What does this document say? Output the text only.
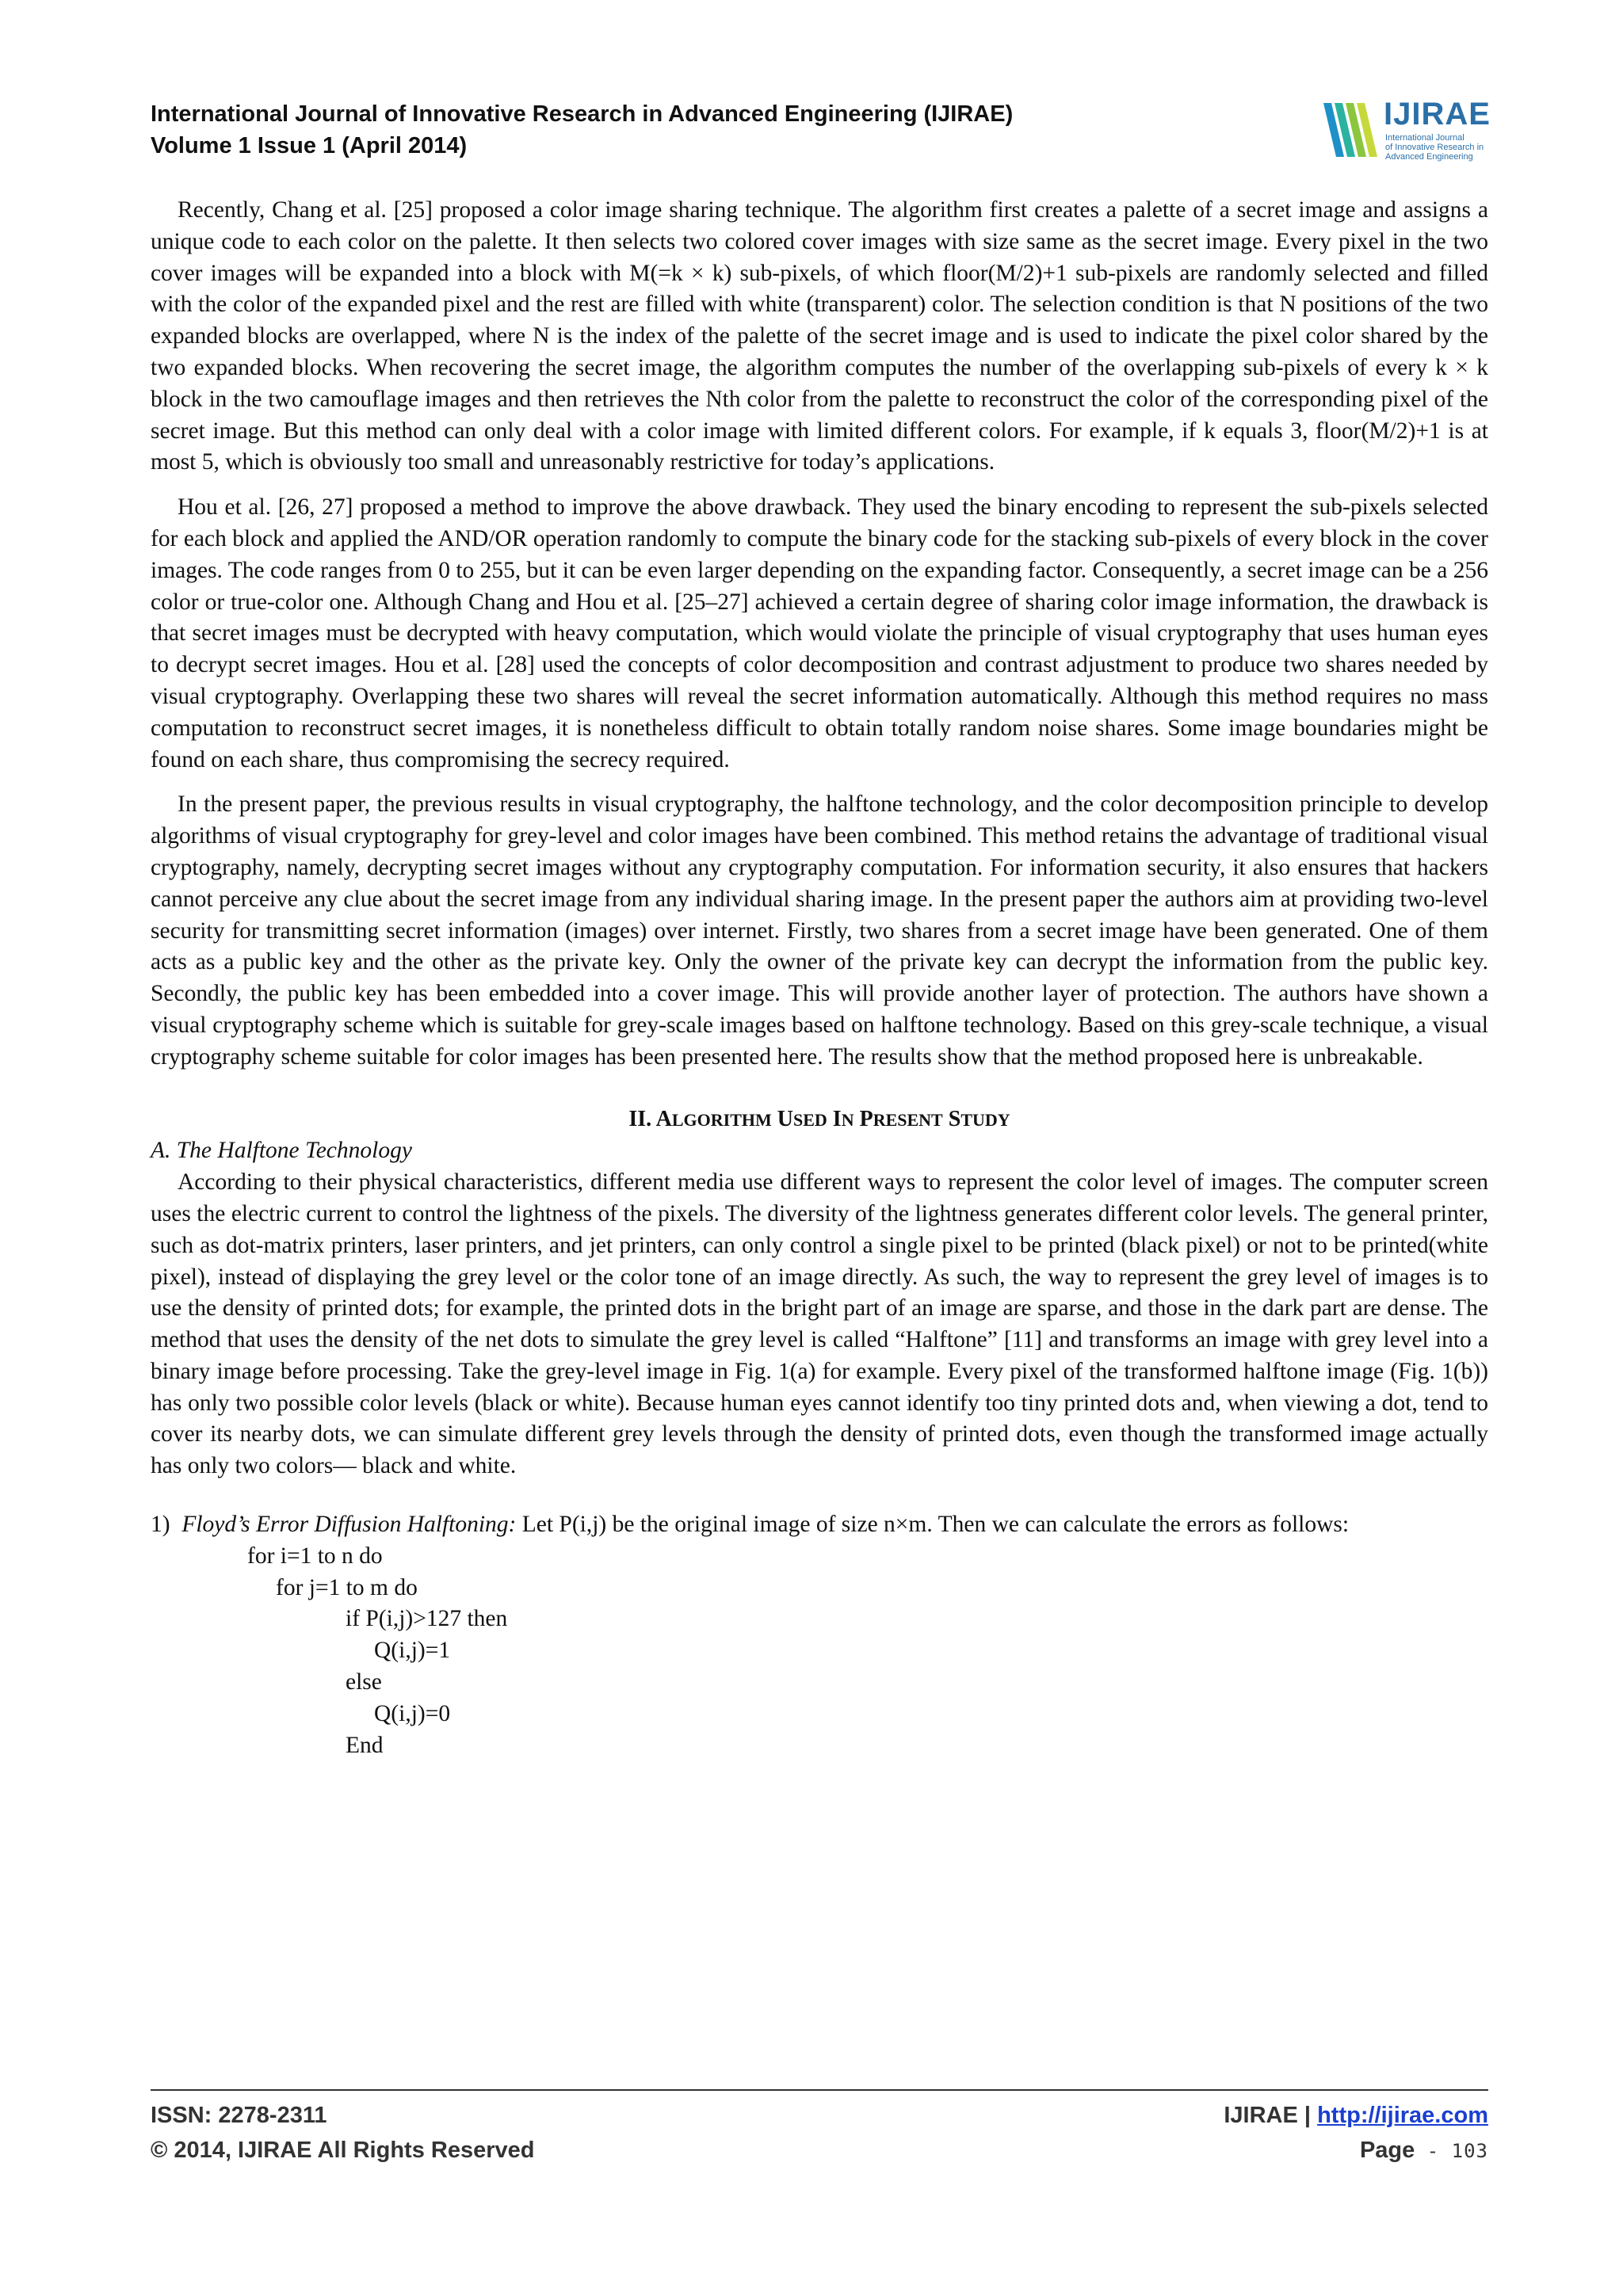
International Journal of Innovative Research in Advanced Engineering (IJIRAE)
Volume 1 Issue 1 (April 2014)
IJIRAE
International Journal
of Innovative Research in
Advanced Engineering

Recently, Chang et al. [25] proposed a color image sharing technique. The algorithm first creates a palette of a secret image and assigns a unique code to each color on the palette. It then selects two colored cover images with size same as the secret image. Every pixel in the two cover images will be expanded into a block with M(=k × k) sub-pixels, of which floor(M/2)+1 sub-pixels are randomly selected and filled with the color of the expanded pixel and the rest are filled with white (transparent) color. The selection condition is that N positions of the two expanded blocks are overlapped, where N is the index of the palette of the secret image and is used to indicate the pixel color shared by the two expanded blocks. When recovering the secret image, the algorithm computes the number of the overlapping sub-pixels of every k × k block in the two camouflage images and then retrieves the Nth color from the palette to reconstruct the color of the corresponding pixel of the secret image. But this method can only deal with a color image with limited different colors. For example, if k equals 3, floor(M/2)+1 is at most 5, which is obviously too small and unreasonably restrictive for today’s applications.

Hou et al. [26, 27] proposed a method to improve the above drawback. They used the binary encoding to represent the sub-pixels selected for each block and applied the AND/OR operation randomly to compute the binary code for the stacking sub-pixels of every block in the cover images. The code ranges from 0 to 255, but it can be even larger depending on the expanding factor. Consequently, a secret image can be a 256 color or true-color one. Although Chang and Hou et al. [25–27] achieved a certain degree of sharing color image information, the drawback is that secret images must be decrypted with heavy computation, which would violate the principle of visual cryptography that uses human eyes to decrypt secret images. Hou et al. [28] used the concepts of color decomposition and contrast adjustment to produce two shares needed by visual cryptography. Overlapping these two shares will reveal the secret information automatically. Although this method requires no mass computation to reconstruct secret images, it is nonetheless difficult to obtain totally random noise shares. Some image boundaries might be found on each share, thus compromising the secrecy required.

In the present paper, the previous results in visual cryptography, the halftone technology, and the color decomposition principle to develop algorithms of visual cryptography for grey-level and color images have been combined. This method retains the advantage of traditional visual cryptography, namely, decrypting secret images without any cryptography computation. For information security, it also ensures that hackers cannot perceive any clue about the secret image from any individual sharing image. In the present paper the authors aim at providing two-level security for transmitting secret information (images) over internet. Firstly, two shares from a secret image have been generated. One of them acts as a public key and the other as the private key. Only the owner of the private key can decrypt the information from the public key. Secondly, the public key has been embedded into a cover image. This will provide another layer of protection. The authors have shown a visual cryptography scheme which is suitable for grey-scale images based on halftone technology. Based on this grey-scale technique, a visual cryptography scheme suitable for color images has been presented here. The results show that the method proposed here is unbreakable.

II. ALGORITHM USED IN PRESENT STUDY

A. The Halftone Technology

According to their physical characteristics, different media use different ways to represent the color level of images. The computer screen uses the electric current to control the lightness of the pixels. The diversity of the lightness generates different color levels. The general printer, such as dot-matrix printers, laser printers, and jet printers, can only control a single pixel to be printed (black pixel) or not to be printed(white pixel), instead of displaying the grey level or the color tone of an image directly. As such, the way to represent the grey level of images is to use the density of printed dots; for example, the printed dots in the bright part of an image are sparse, and those in the dark part are dense. The method that uses the density of the net dots to simulate the grey level is called “Halftone” [11] and transforms an image with grey level into a binary image before processing. Take the grey-level image in Fig. 1(a) for example. Every pixel of the transformed halftone image (Fig. 1(b)) has only two possible color levels (black or white). Because human eyes cannot identify too tiny printed dots and, when viewing a dot, tend to cover its nearby dots, we can simulate different grey levels through the density of printed dots, even though the transformed image actually has only two colors— black and white.

1) Floyd’s Error Diffusion Halftoning: Let P(i,j) be the original image of size n×m. Then we can calculate the errors as follows:

for i=1 to n do

for j=1 to m do

if P(i,j)>127 then

Q(i,j)=1

else

Q(i,j)=0

End

ISSN: 2278-2311
© 2014, IJIRAE All Rights Reserved
IJIRAE | http://ijirae.com
Page - 103
